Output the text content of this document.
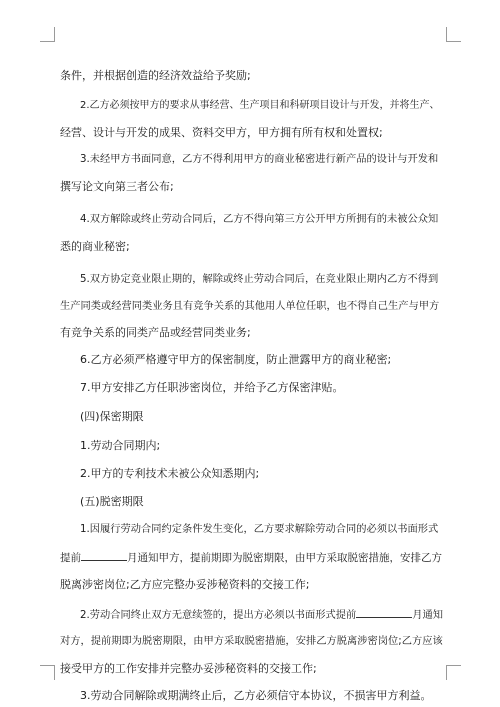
条件，并根据创造的经济效益给予奖励;
2.乙方必须按甲方的要求从事经营、生产项目和科研项目设计与开发，并将生产、
经营、设计与开发的成果、资料交甲方，甲方拥有所有权和处置权;
3.未经甲方书面同意，乙方不得利用甲方的商业秘密进行新产品的设计与开发和
撰写论文向第三者公布;
4.双方解除或终止劳动合同后，乙方不得向第三方公开甲方所拥有的未被公众知
悉的商业秘密;
5.双方协定竞业限止期的，解除或终止劳动合同后，在竞业限止期内乙方不得到
生产同类或经营同类业务且有竞争关系的其他用人单位任职，也不得自己生产与甲方
有竞争关系的同类产品或经营同类业务;
6.乙方必须严格遵守甲方的保密制度，防止泄露甲方的商业秘密;
7.甲方安排乙方任职涉密岗位，并给予乙方保密津贴。
(四)保密期限
1.劳动合同期内;
2.甲方的专利技术未被公众知悉期内;
(五)脱密期限
1.因履行劳动合同约定条件发生变化，乙方要求解除劳动合同的必须以书面形式
提前	月通知甲方，提前期即为脱密期限，由甲方采取脱密措施，安排乙方
脱离涉密岗位;乙方应完整办妥涉秘资料的交接工作;
2.劳动合同终止双方无意续签的，提出方必须以书面形式提前	月通知
对方，提前期即为脱密期限，由甲方采取脱密措施，安排乙方脱离涉密岗位;乙方应该
接受甲方的工作安排并完整办妥涉秘资料的交接工作;
3.劳动合同解除或期满终止后，乙方必须信守本协议，不损害甲方利益。
